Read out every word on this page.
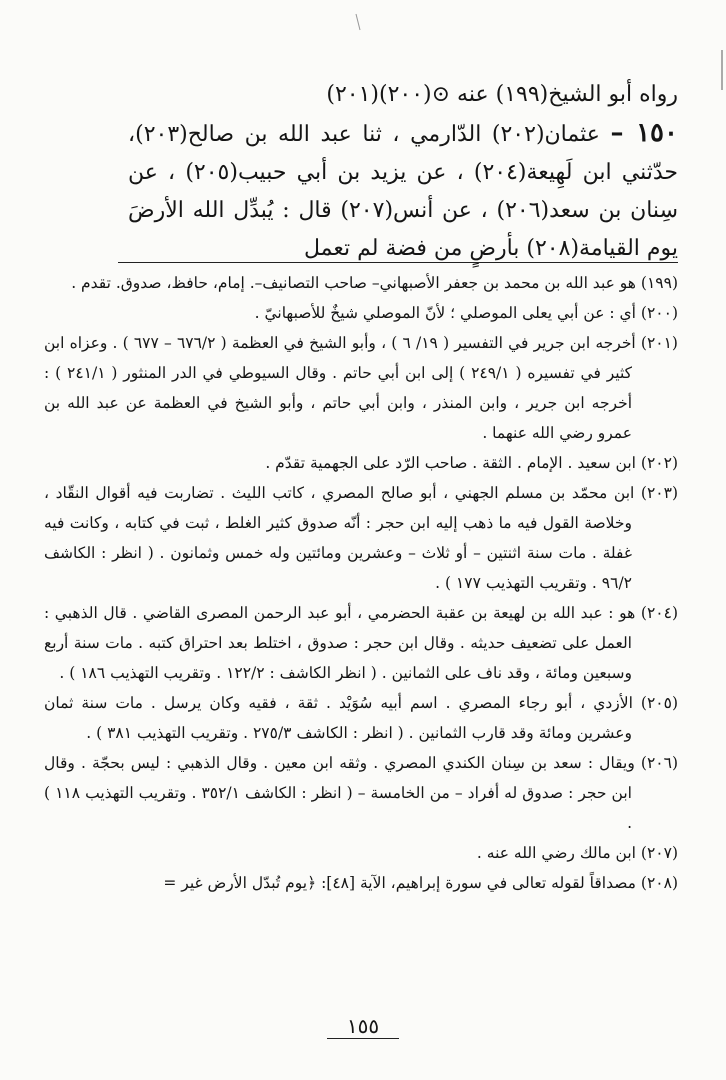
رواه أبو الشيخ(١٩٩) عنه ⊙(٢٠٠)(٢٠١)

١٥٠ – عثمان(٢٠٢) الدّارمي ، ثنا عبد الله بن صالح(٢٠٣)، حدّثني ابن لَهِيعة(٢٠٤) ، عن يزيد بن أبي حبيب(٢٠٥) ، عن سِنان بن سعد(٢٠٦) ، عن أنس(٢٠٧) قال : يُبدِّل الله الأرضَ يوم القيامة(٢٠٨) بأرضٍ من فضة لم تعمل

(١٩٩) هو عبد الله بن محمد بن جعفر الأصبهاني– صاحب التصانيف–. إمام، حافظ، صدوق. تقدم .

(٢٠٠) أي : عن أبي يعلى الموصلي ؛ لأنّ الموصلي شيخٌ للأصبهانيّ .

(٢٠١) أخرجه ابن جرير في التفسير ( ١٩/ ٦ ) ، وأبو الشيخ في العظمة ( ٦٧٦/٢ – ٦٧٧ ) . وعزاه ابن كثير في تفسيره ( ٢٤٩/١ ) إلى ابن أبي حاتم . وقال السيوطي في الدر المنثور ( ٢٤١/١ ) : أخرجه ابن جرير ، وابن المنذر ، وابن أبي حاتم ، وأبو الشيخ في العظمة عن عبد الله بن عمرو رضي الله عنهما .

(٢٠٢) ابن سعيد . الإمام . الثقة . صاحب الرّد على الجهمية تقدّم .

(٢٠٣) ابن محمّد بن مسلم الجهني ، أبو صالح المصري ، كاتب الليث . تضاربت فيه أقوال النقّاد ، وخلاصة القول فيه ما ذهب إليه ابن حجر : أنّه صدوق كثير الغلط ، ثبت في كتابه ، وكانت فيه غفلة . مات سنة اثنتين – أو ثلاث – وعشرين ومائتين وله خمس وثمانون . ( انظر : الكاشف ٩٦/٢ . وتقريب التهذيب ١٧٧ ) .

(٢٠٤) هو : عبد الله بن لهيعة بن عقبة الحضرمي ، أبو عبد الرحمن المصرى القاضي . قال الذهبي : العمل على تضعيف حديثه . وقال ابن حجر : صدوق ، اختلط بعد احتراق كتبه . مات سنة أربع وسبعين ومائة ، وقد ناف على الثمانين . ( انظر الكاشف : ١٢٢/٢ . وتقريب التهذيب ١٨٦ ) .

(٢٠٥) الأزدي ، أبو رجاء المصري . اسم أبيه سُوَيْد . ثقة ، فقيه وكان يرسل . مات سنة ثمان وعشرين ومائة وقد قارب الثمانين . ( انظر : الكاشف ٢٧٥/٣ . وتقريب التهذيب ٣٨١ ) .

(٢٠٦) ويقال : سعد بن سِنان الكندي المصري . وثقه ابن معين . وقال الذهبي : ليس بحجّة . وقال ابن حجر : صدوق له أفراد – من الخامسة – ( انظر : الكاشف ٣٥٢/١ . وتقريب التهذيب ١١٨ ) .

(٢٠٧) ابن مالك رضي الله عنه .

(٢٠٨) مصداقاً لقوله تعالى في سورة إبراهيم، الآية [٤٨]: ﴿يوم تُبدّل الأرض غير =

١٥٥
